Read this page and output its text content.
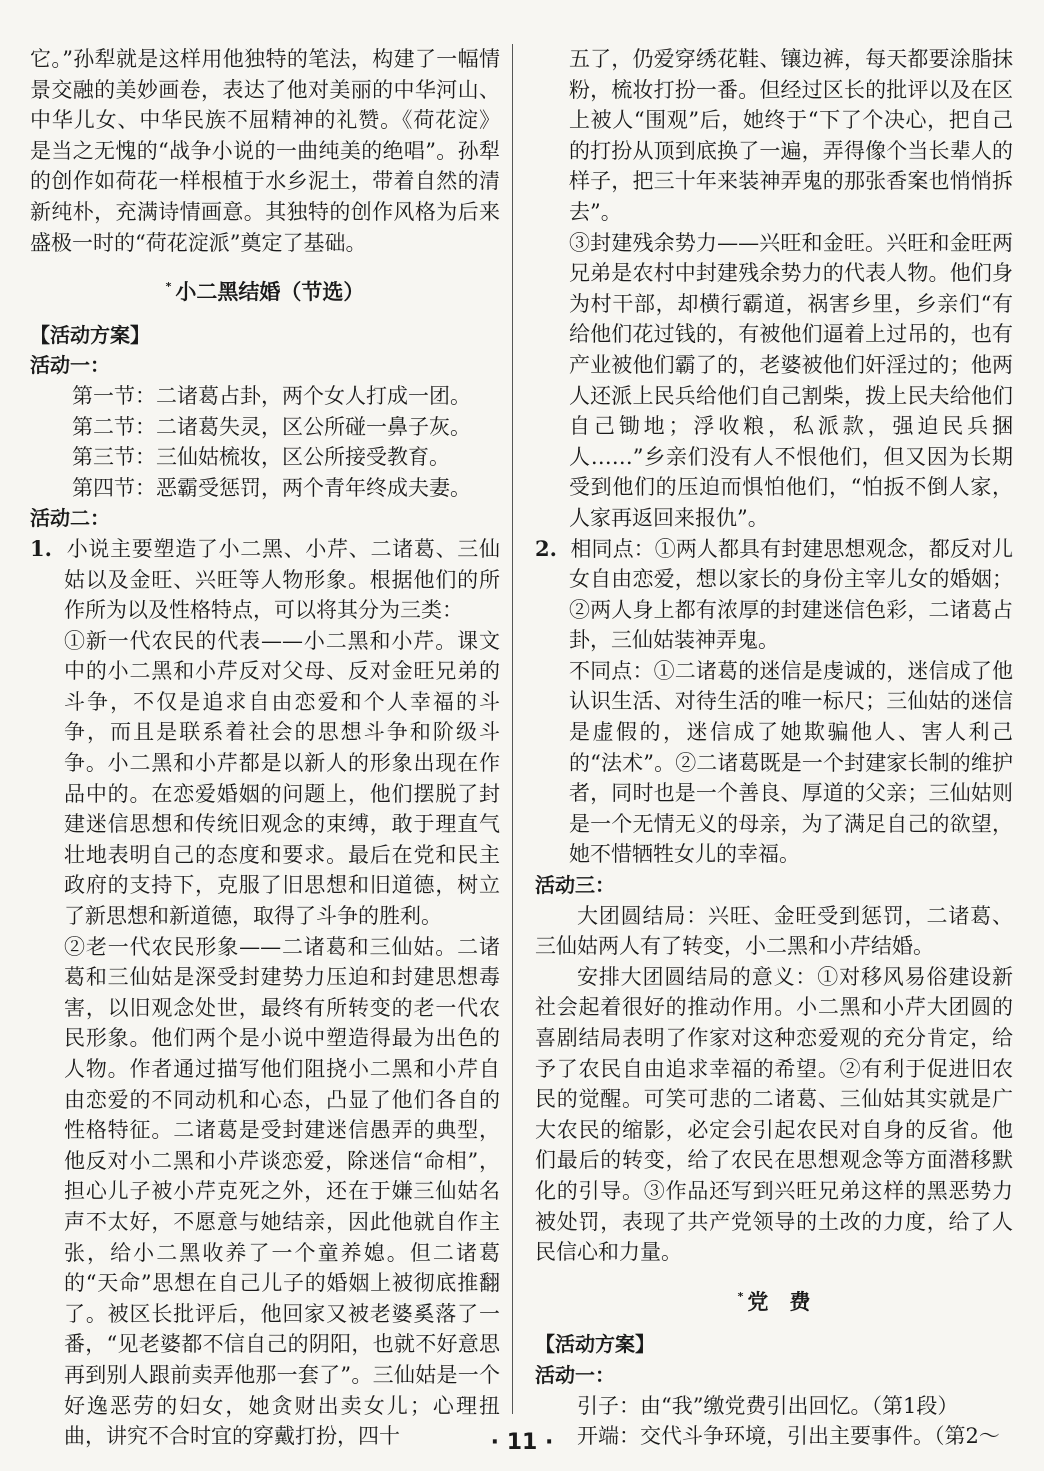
它。”孙犁就是这样用他独特的笔法，构建了一幅情景交融的美妙画卷，表达了他对美丽的中华河山、中华儿女、中华民族不屈精神的礼赞。《荷花淀》是当之无愧的“战争小说的一曲纯美的绝唱”。孙犁的创作如荷花一样根植于水乡泥土，带着自然的清新纯朴，充满诗情画意。其独特的创作风格为后来盛极一时的“荷花淀派”奠定了基础。

* 小二黑结婚（节选）

【活动方案】

活动一：

第一节：二诸葛占卦，两个女人打成一团。

第二节：二诸葛失灵，区公所碰一鼻子灰。

第三节：三仙姑梳妆，区公所接受教育。

第四节：恶霸受惩罚，两个青年终成夫妻。

活动二：

1. 小说主要塑造了小二黑、小芹、二诸葛、三仙姑以及金旺、兴旺等人物形象。根据他们的所作所为以及性格特点，可以将其分为三类：

①新一代农民的代表——小二黑和小芹。课文中的小二黑和小芹反对父母、反对金旺兄弟的斗争，不仅是追求自由恋爱和个人幸福的斗争，而且是联系着社会的思想斗争和阶级斗争。小二黑和小芹都是以新人的形象出现在作品中的。在恋爱婚姻的问题上，他们摆脱了封建迷信思想和传统旧观念的束缚，敢于理直气壮地表明自己的态度和要求。最后在党和民主政府的支持下，克服了旧思想和旧道德，树立了新思想和新道德，取得了斗争的胜利。

②老一代农民形象——二诸葛和三仙姑。二诸葛和三仙姑是深受封建势力压迫和封建思想毒害，以旧观念处世，最终有所转变的老一代农民形象。他们两个是小说中塑造得最为出色的人物。作者通过描写他们阻挠小二黑和小芹自由恋爱的不同动机和心态，凸显了他们各自的性格特征。二诸葛是受封建迷信愚弄的典型，他反对小二黑和小芹谈恋爱，除迷信“命相”，担心儿子被小芹克死之外，还在于嫌三仙姑名声不太好，不愿意与她结亲，因此他就自作主张，给小二黑收养了一个童养媳。但二诸葛的“天命”思想在自己儿子的婚姻上被彻底推翻了。被区长批评后，他回家又被老婆奚落了一番，“见老婆都不信自己的阴阳，也就不好意思再到别人跟前卖弄他那一套了”。三仙姑是一个好逸恶劳的妇女，她贪财出卖女儿；心理扭曲，讲究不合时宜的穿戴打扮，四十

五了，仍爱穿绣花鞋、镶边裤，每天都要涂脂抹粉，梳妆打扮一番。但经过区长的批评以及在区上被人“围观”后，她终于“下了个决心，把自己的打扮从顶到底换了一遍，弄得像个当长辈人的样子，把三十年来装神弄鬼的那张香案也悄悄拆去”。

③封建残余势力——兴旺和金旺。兴旺和金旺两兄弟是农村中封建残余势力的代表人物。他们身为村干部，却横行霸道，祸害乡里，乡亲们“有给他们花过钱的，有被他们逼着上过吊的，也有产业被他们霸了的，老婆被他们奸淫过的；他两人还派上民兵给他们自己割柴，拨上民夫给他们自己锄地；浮收粮，私派款，强迫民兵捆人……”乡亲们没有人不恨他们，但又因为长期受到他们的压迫而惧怕他们，“怕扳不倒人家，人家再返回来报仇”。

2. 相同点：①两人都具有封建思想观念，都反对儿女自由恋爱，想以家长的身份主宰儿女的婚姻；②两人身上都有浓厚的封建迷信色彩，二诸葛占卦，三仙姑装神弄鬼。

不同点：①二诸葛的迷信是虔诚的，迷信成了他认识生活、对待生活的唯一标尺；三仙姑的迷信是虚假的，迷信成了她欺骗他人、害人利己的“法术”。②二诸葛既是一个封建家长制的维护者，同时也是一个善良、厚道的父亲；三仙姑则是一个无情无义的母亲，为了满足自己的欲望，她不惜牺牲女儿的幸福。

活动三：

大团圆结局：兴旺、金旺受到惩罚，二诸葛、三仙姑两人有了转变，小二黑和小芹结婚。

安排大团圆结局的意义：①对移风易俗建设新社会起着很好的推动作用。小二黑和小芹大团圆的喜剧结局表明了作家对这种恋爱观的充分肯定，给予了农民自由追求幸福的希望。②有利于促进旧农民的觉醒。可笑可悲的二诸葛、三仙姑其实就是广大农民的缩影，必定会引起农民对自身的反省。他们最后的转变，给了农民在思想观念等方面潜移默化的引导。③作品还写到兴旺兄弟这样的黑恶势力被处罚，表现了共产党领导的土改的力度，给了人民信心和力量。

* 党　费

【活动方案】

活动一：

引子：由“我”缴党费引出回忆。（第1段）

开端：交代斗争环境，引出主要事件。（第2～

· 11 ·
